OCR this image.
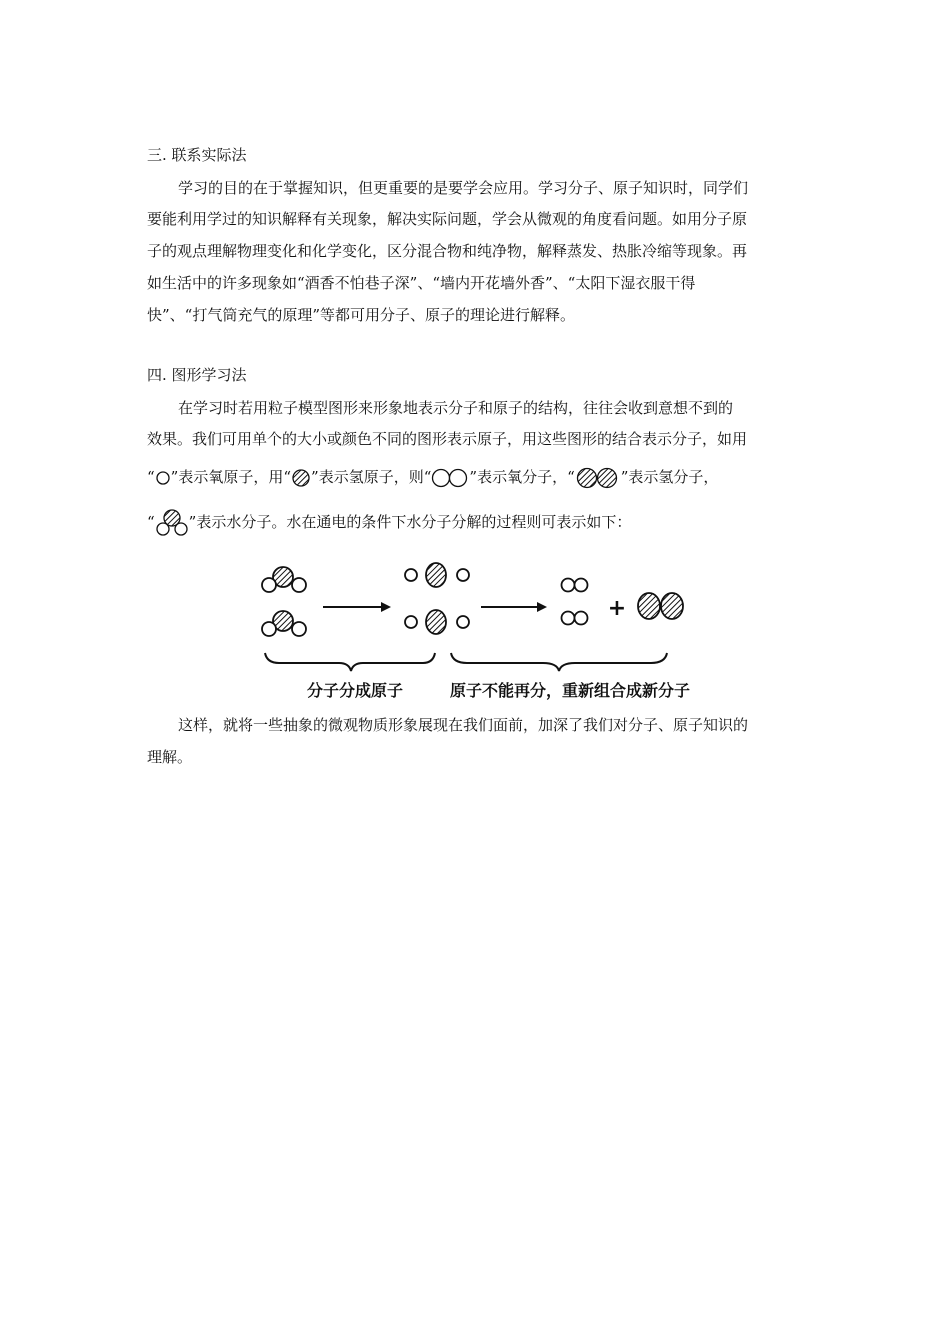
三. 联系实际法
学习的目的在于掌握知识，但更重要的是要学会应用。学习分子、原子知识时，同学们
要能利用学过的知识解释有关现象，解决实际问题，学会从微观的角度看问题。如用分子原
子的观点理解物理变化和化学变化，区分混合物和纯净物，解释蒸发、热胀冷缩等现象。再
如生活中的许多现象如“酒香不怕巷子深”、“墙内开花墙外香”、“太阳下湿衣服干得
快”、“打气筒充气的原理”等都可用分子、原子的理论进行解释。
四. 图形学习法
在学习时若用粒子模型图形来形象地表示分子和原子的结构，往往会收到意想不到的
效果。我们可用单个的大小或颜色不同的图形表示原子，用这些图形的结合表示分子，如用
“ ”表示氧原子，用“ ”表示氢原子，则“	”表示氧分子，“	”表示氢分子，
“ ”表示水分子。水在通电的条件下水分子分解的过程则可表示如下：
+
分子分成原子	原子不能再分，重新组合成新分子
这样，就将一些抽象的微观物质形象展现在我们面前，加深了我们对分子、原子知识的
理解。
